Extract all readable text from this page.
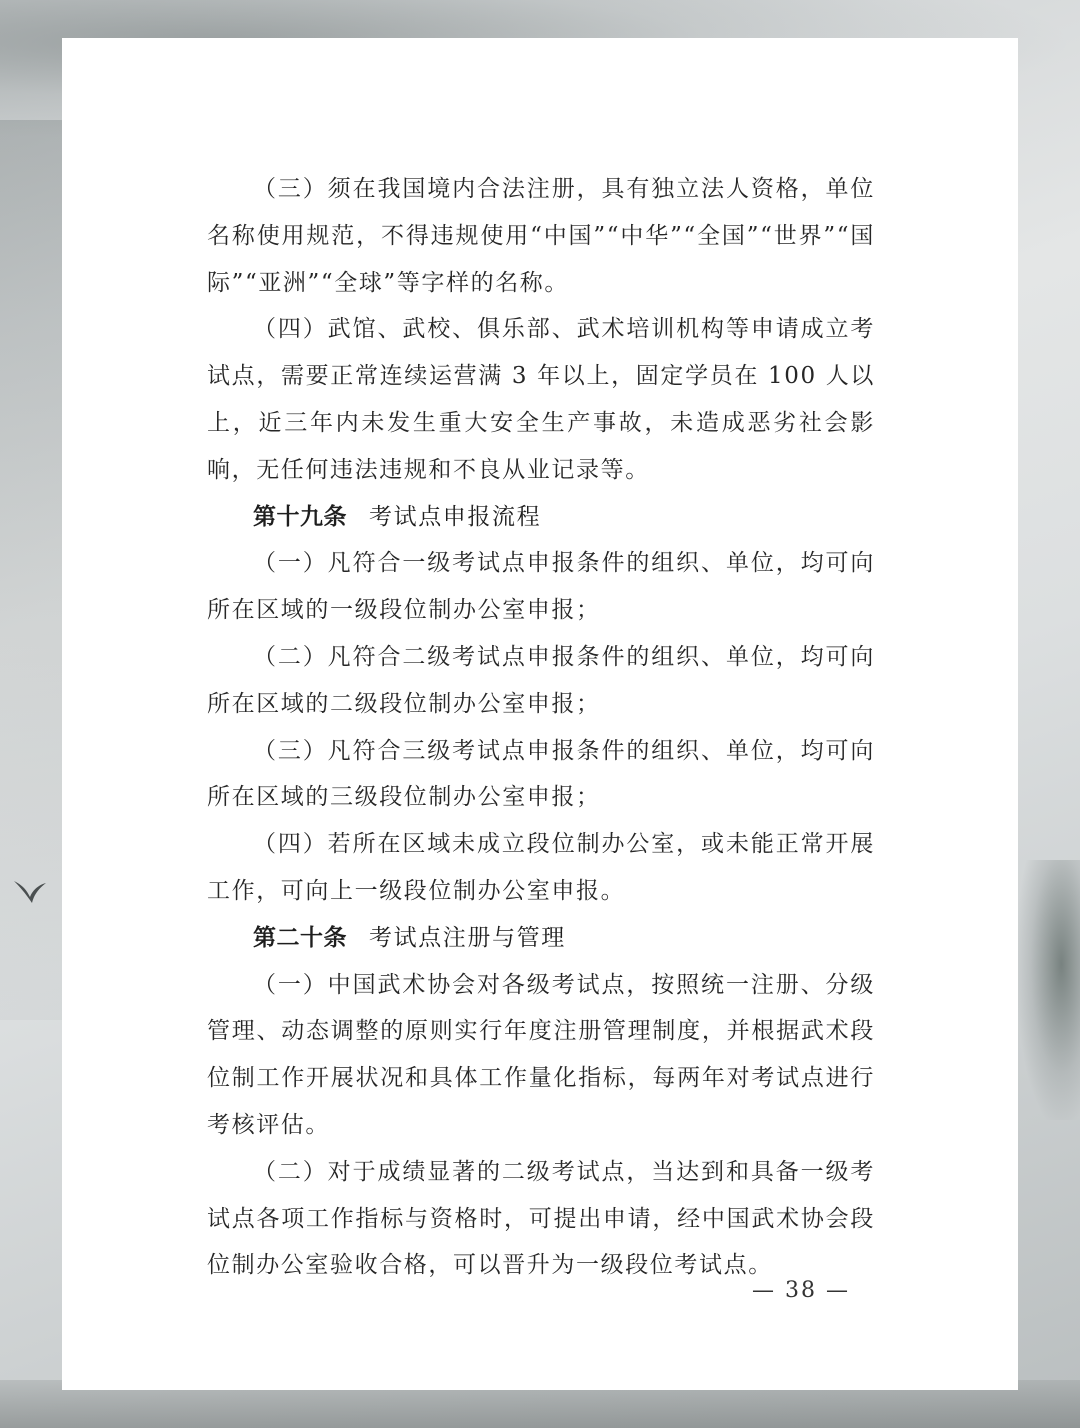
（三）须在我国境内合法注册，具有独立法人资格，单位名称使用规范，不得违规使用“中国”“中华”“全国”“世界”“国际”“亚洲”“全球”等字样的名称。

（四）武馆、武校、俱乐部、武术培训机构等申请成立考试点，需要正常连续运营满 3 年以上，固定学员在 100 人以上，近三年内未发生重大安全生产事故，未造成恶劣社会影响，无任何违法违规和不良从业记录等。

第十九条 考试点申报流程

（一）凡符合一级考试点申报条件的组织、单位，均可向所在区域的一级段位制办公室申报；

（二）凡符合二级考试点申报条件的组织、单位，均可向所在区域的二级段位制办公室申报；

（三）凡符合三级考试点申报条件的组织、单位，均可向所在区域的三级段位制办公室申报；

（四）若所在区域未成立段位制办公室，或未能正常开展工作，可向上一级段位制办公室申报。

第二十条 考试点注册与管理

（一）中国武术协会对各级考试点，按照统一注册、分级管理、动态调整的原则实行年度注册管理制度，并根据武术段位制工作开展状况和具体工作量化指标，每两年对考试点进行考核评估。

（二）对于成绩显著的二级考试点，当达到和具备一级考试点各项工作指标与资格时，可提出申请，经中国武术协会段位制办公室验收合格，可以晋升为一级段位考试点。

— 38 —
